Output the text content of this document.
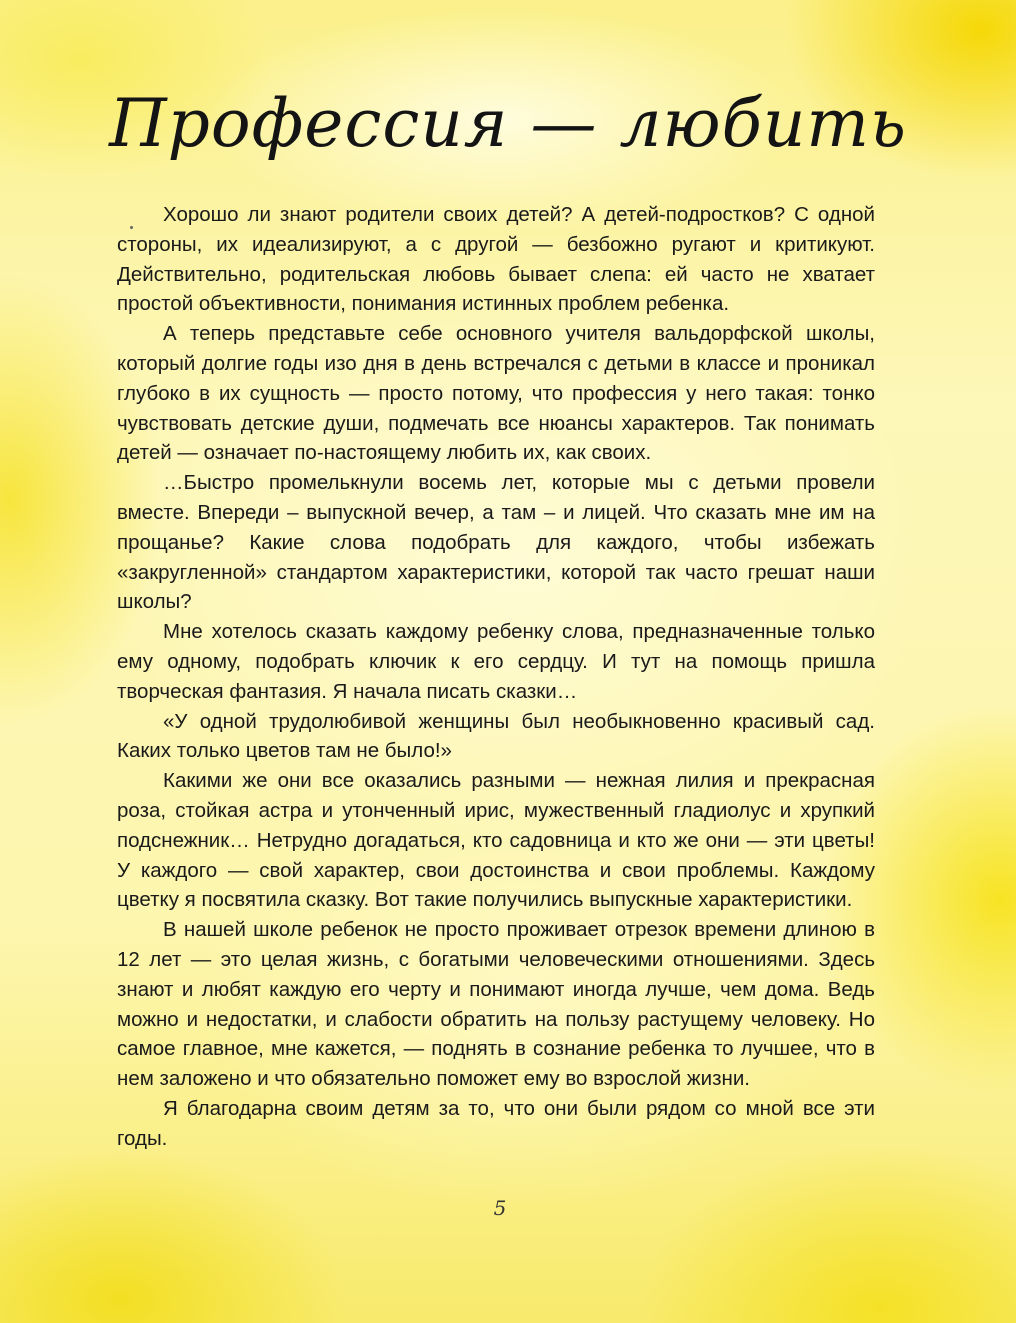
Профессия — любить

Хорошо ли знают родители своих детей? А детей-подростков? С одной стороны, их идеализируют, а с другой — безбожно ругают и критикуют. Действительно, родительская любовь бывает слепа: ей часто не хватает простой объективности, понимания истинных проблем ребенка.

А теперь представьте себе основного учителя вальдорфской школы, который долгие годы изо дня в день встречался с детьми в классе и проникал глубоко в их сущность — просто потому, что профессия у него такая: тонко чувствовать детские души, подмечать все нюансы характеров. Так понимать детей — означает по-настоящему любить их, как своих.

…Быстро промелькнули восемь лет, которые мы с детьми провели вместе. Впереди – выпускной вечер, а там – и лицей. Что сказать мне им на прощанье? Какие слова подобрать для каждого, чтобы избежать «закругленной» стандартом характеристики, которой так часто грешат наши школы?

Мне хотелось сказать каждому ребенку слова, предназначенные только ему одному, подобрать ключик к его сердцу. И тут на помощь пришла творческая фантазия. Я начала писать сказки…

«У одной трудолюбивой женщины был необыкновенно красивый сад. Каких только цветов там не было!»

Какими же они все оказались разными — нежная лилия и прекрасная роза, стойкая астра и утонченный ирис, мужественный гладиолус и хрупкий подснежник… Нетрудно догадаться, кто садовница и кто же они — эти цветы! У каждого — свой характер, свои достоинства и свои проблемы. Каждому цветку я посвятила сказку. Вот такие получились выпускные характеристики.

В нашей школе ребенок не просто проживает отрезок времени длиною в 12 лет — это целая жизнь, с богатыми человеческими отношениями. Здесь знают и любят каждую его черту и понимают иногда лучше, чем дома. Ведь можно и недостатки, и слабости обратить на пользу растущему человеку. Но самое главное, мне кажется, — поднять в сознание ребенка то лучшее, что в нем заложено и что обязательно поможет ему во взрослой жизни.

Я благодарна своим детям за то, что они были рядом со мной все эти годы.

5
